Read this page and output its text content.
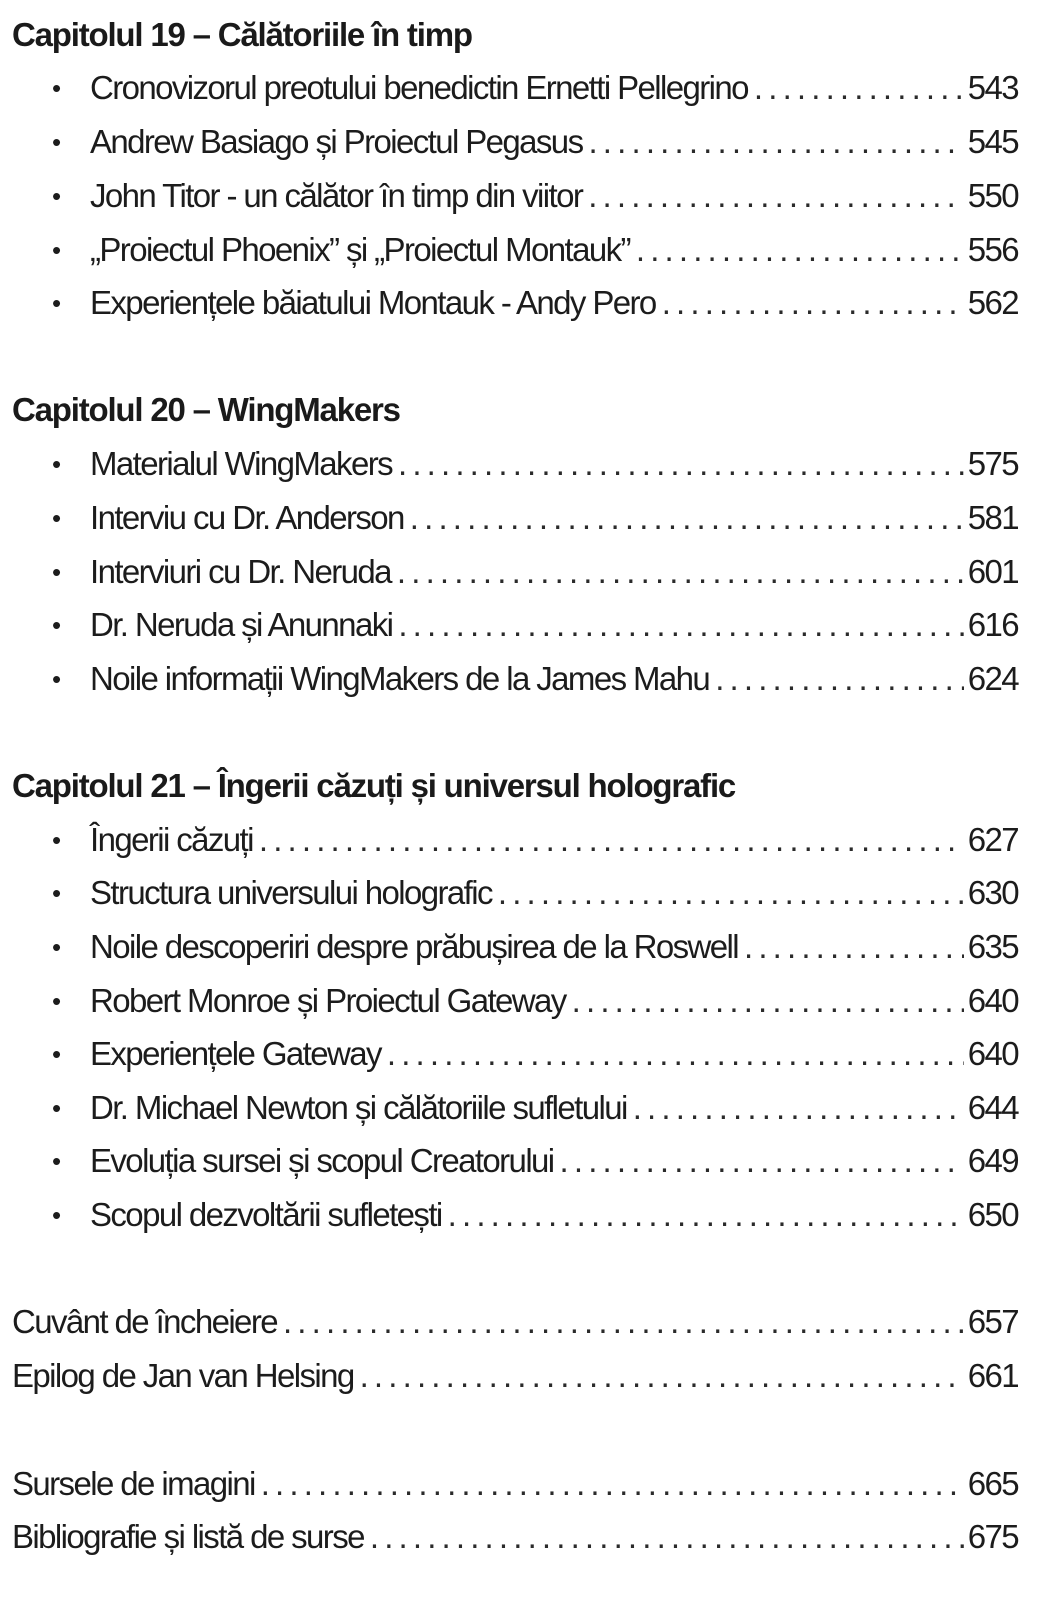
Capitolul 19 – Călătoriile în timp
• Cronovizorul preotului benedictin Ernetti Pellegrino . . .	543
• Andrew Basiago și Proiectul Pegasus . . .	545
• John Titor - un călător în timp din viitor . . .	550
• „Proiectul Phoenix” și „Proiectul Montauk” . . .	556
• Experiențele băiatului Montauk - Andy Pero . . .	562
Capitolul 20 – WingMakers
• Materialul WingMakers . . .	575
• Interviu cu Dr. Anderson . . .	581
• Interviuri cu Dr. Neruda . . .	601
• Dr. Neruda și Anunnaki . . .	616
• Noile informații WingMakers de la James Mahu . . .	624
Capitolul 21 – Îngerii căzuți și universul holografic
• Îngerii căzuți . . .	627
• Structura universului holografic . . .	630
• Noile descoperiri despre prăbușirea de la Roswell . . .	635
• Robert Monroe și Proiectul Gateway . . .	640
• Experiențele Gateway . . .	640
• Dr. Michael Newton și călătoriile sufletului . . .	644
• Evoluția sursei și scopul Creatorului . . .	649
• Scopul dezvoltării sufletești . . .	650
Cuvânt de încheiere . . .	657
Epilog de Jan van Helsing . . .	661
Sursele de imagini . . .	665
Bibliografie și listă de surse . . .	675
